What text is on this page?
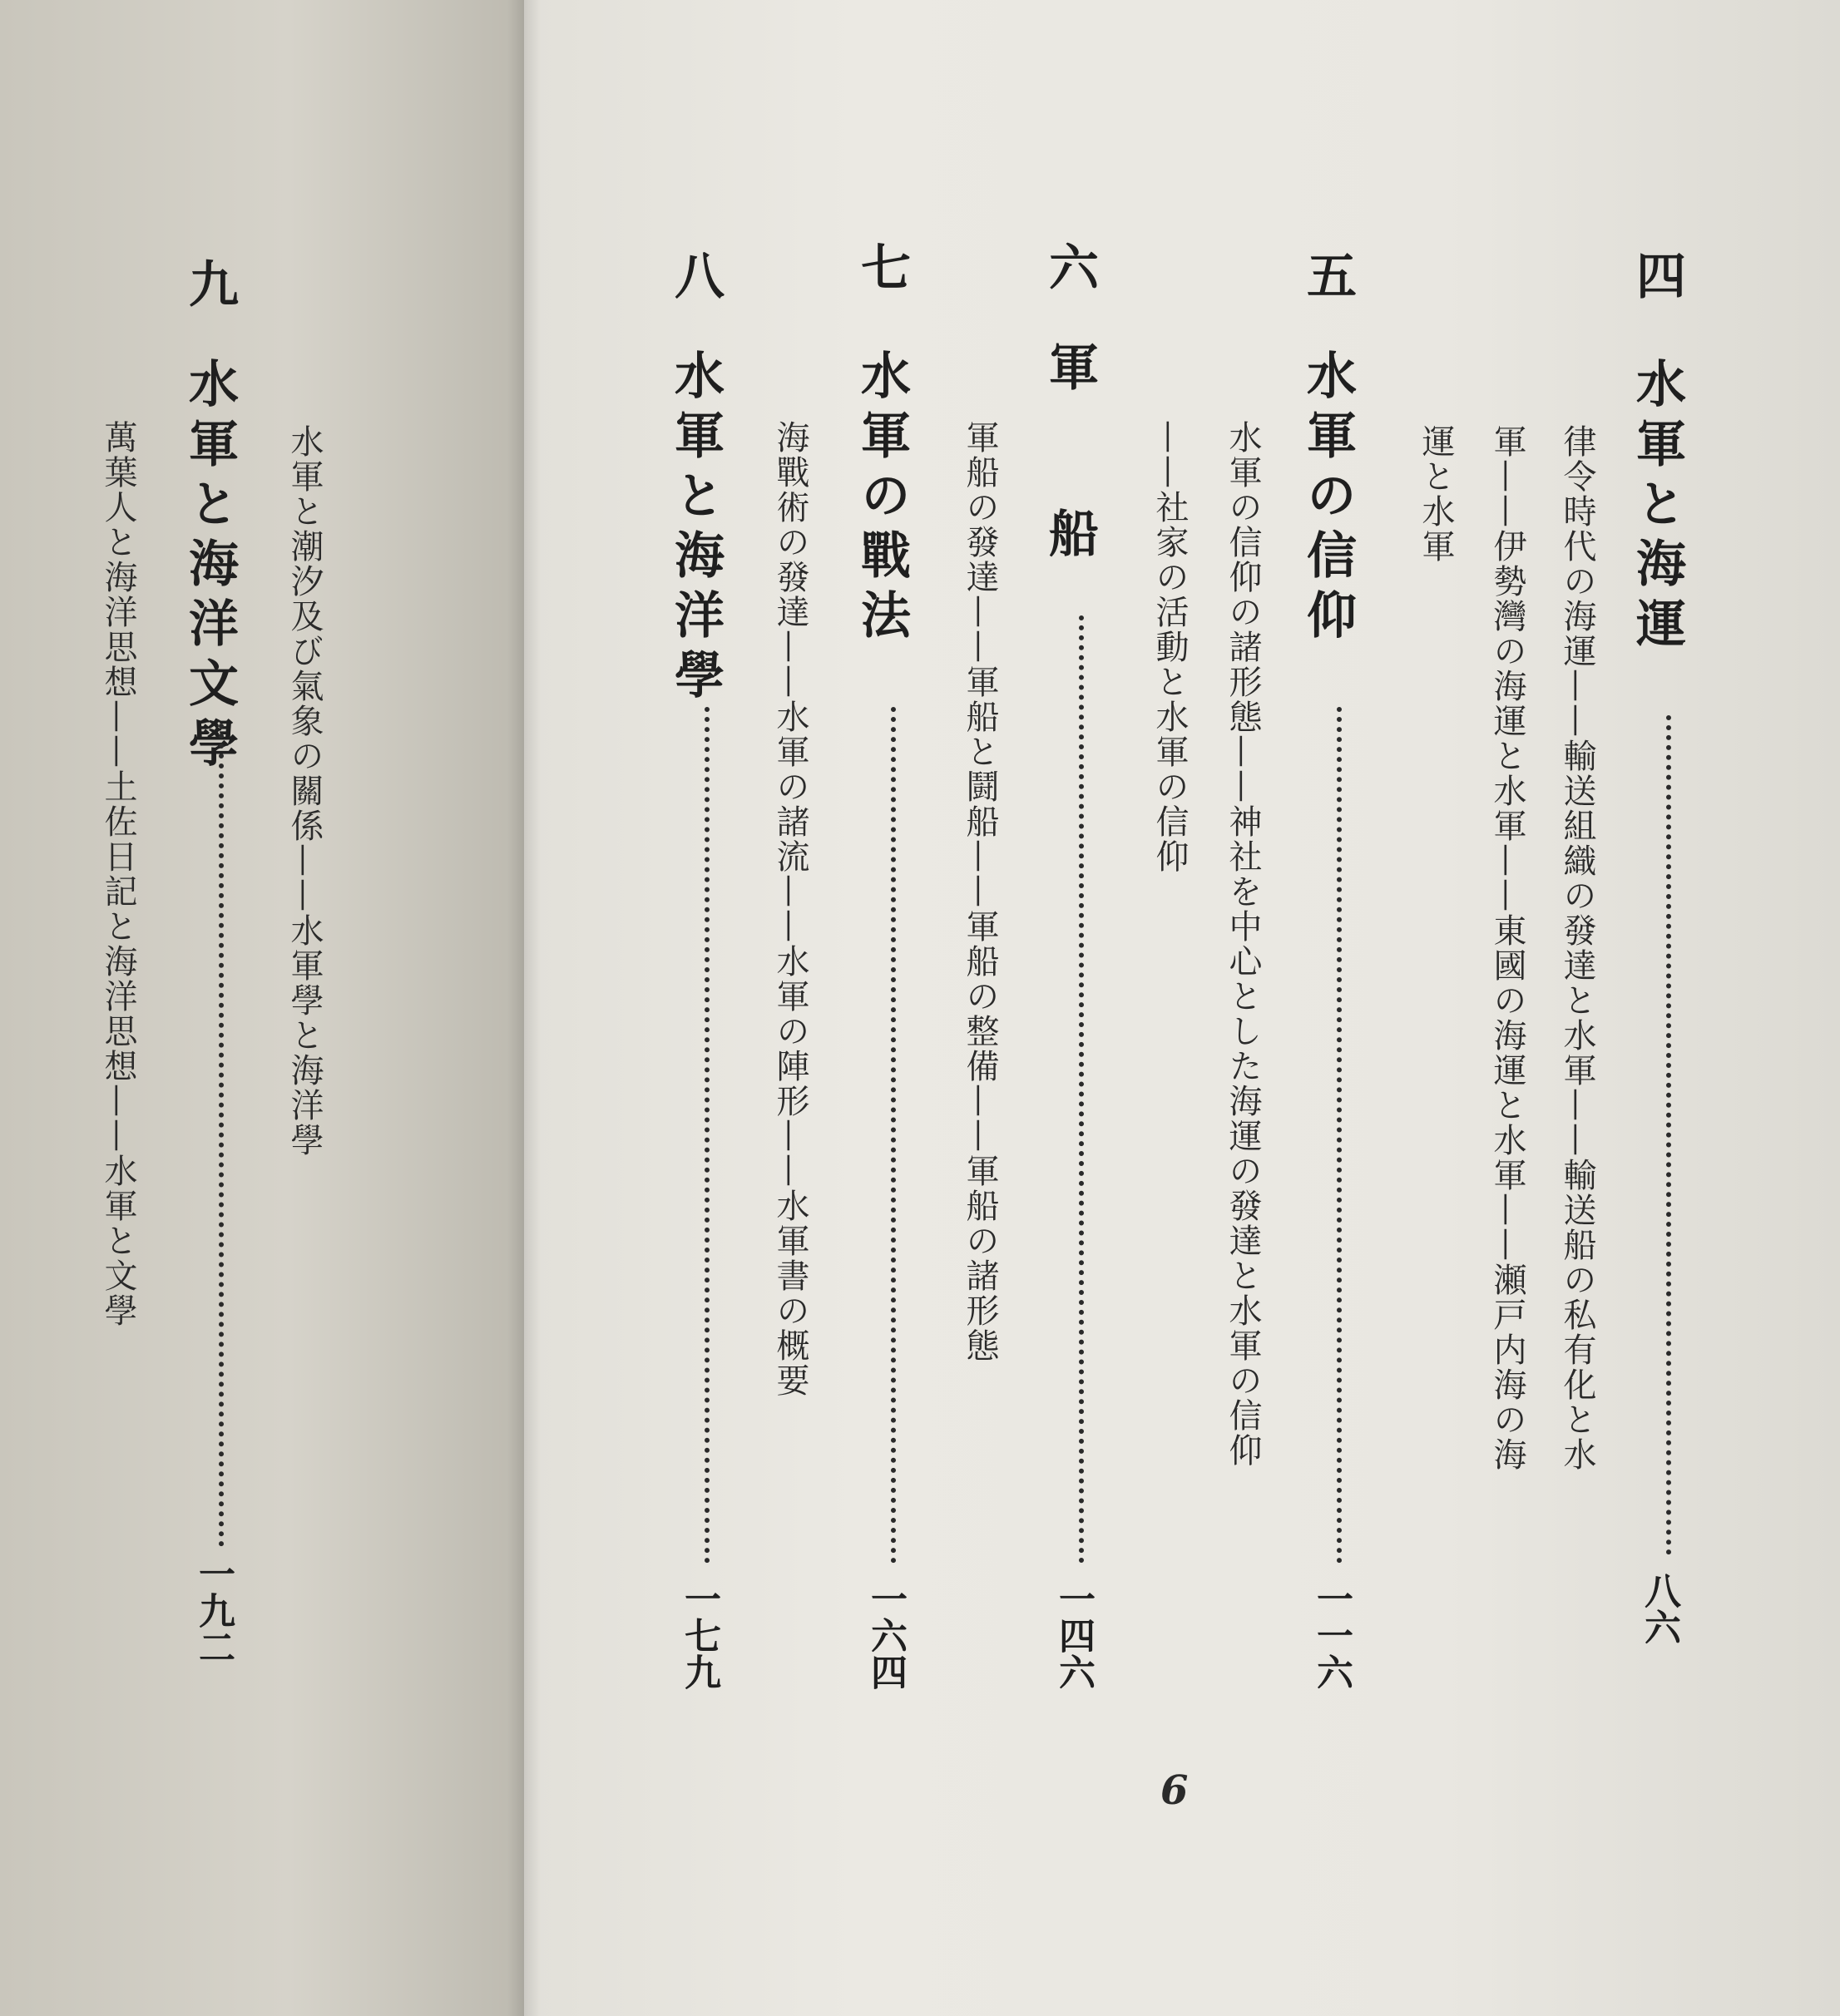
四
水軍と海運
八六
律令時代の海運——輸送組織の發達と水軍——輸送船の私有化と水
軍——伊勢灣の海運と水軍——東國の海運と水軍——瀬戸内海の海
運と水軍
五
水軍の信仰
一一六
水軍の信仰の諸形態——神社を中心とした海運の發達と水軍の信仰
——社家の活動と水軍の信仰
六
軍船
一四六
軍船の發達——軍船と鬪船——軍船の整備——軍船の諸形態
七
水軍の戰法
一六四
海戰術の發達——水軍の諸流——水軍の陣形——水軍書の概要
八
水軍と海洋學
一七九
水軍と潮汐及び氣象の關係——水軍學と海洋學
九
水軍と海洋文學
一九二
萬葉人と海洋思想——土佐日記と海洋思想——水軍と文學
6
